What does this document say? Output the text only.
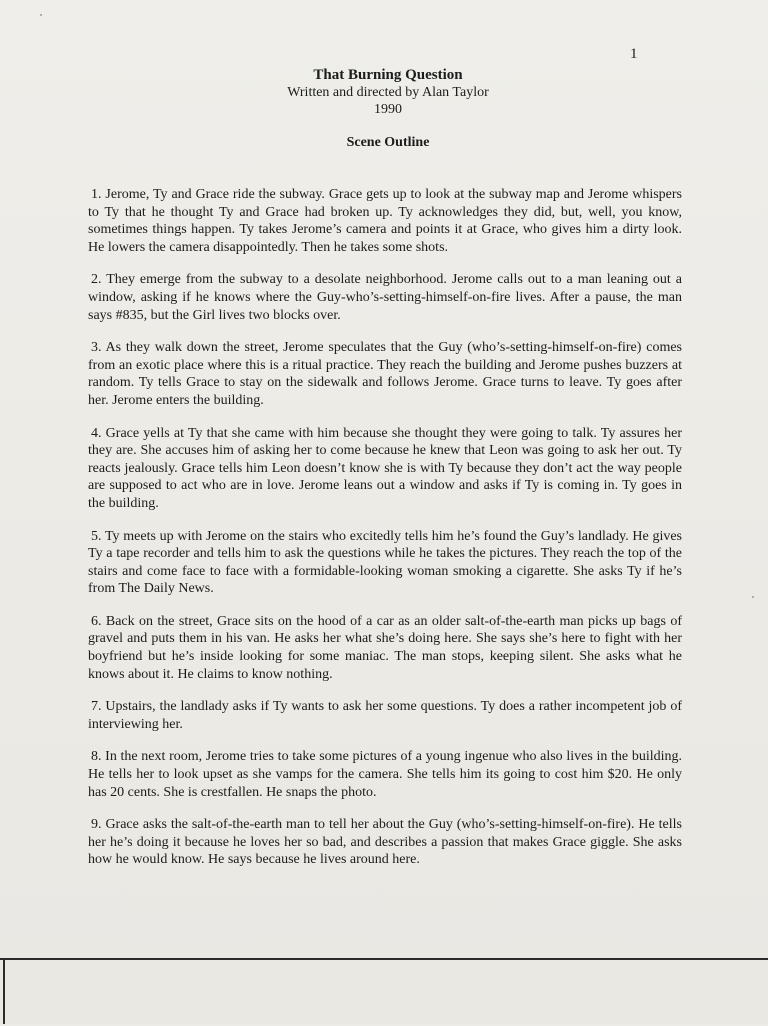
1
That Burning Question
Written and directed by Alan Taylor
1990
Scene Outline

1. Jerome, Ty and Grace ride the subway. Grace gets up to look at the subway map and Jerome whispers to Ty that he thought Ty and Grace had broken up. Ty acknowledges they did, but, well, you know, sometimes things happen. Ty takes Jerome’s camera and points it at Grace, who gives him a dirty look. He lowers the camera disappointedly. Then he takes some shots.

2. They emerge from the subway to a desolate neighborhood. Jerome calls out to a man leaning out a window, asking if he knows where the Guy-who’s-setting-himself-on-fire lives. After a pause, the man says #835, but the Girl lives two blocks over.

3. As they walk down the street, Jerome speculates that the Guy (who’s-setting-himself-on-fire) comes from an exotic place where this is a ritual practice. They reach the building and Jerome pushes buzzers at random. Ty tells Grace to stay on the sidewalk and follows Jerome. Grace turns to leave. Ty goes after her. Jerome enters the building.

4. Grace yells at Ty that she came with him because she thought they were going to talk. Ty assures her they are. She accuses him of asking her to come because he knew that Leon was going to ask her out. Ty reacts jealously. Grace tells him Leon doesn’t know she is with Ty because they don’t act the way people are supposed to act who are in love. Jerome leans out a window and asks if Ty is coming in. Ty goes in the building.

5. Ty meets up with Jerome on the stairs who excitedly tells him he’s found the Guy’s landlady. He gives Ty a tape recorder and tells him to ask the questions while he takes the pictures. They reach the top of the stairs and come face to face with a formidable-looking woman smoking a cigarette. She asks Ty if he’s from The Daily News.

6. Back on the street, Grace sits on the hood of a car as an older salt-of-the-earth man picks up bags of gravel and puts them in his van. He asks her what she’s doing here. She says she’s here to fight with her boyfriend but he’s inside looking for some maniac. The man stops, keeping silent. She asks what he knows about it. He claims to know nothing.

7. Upstairs, the landlady asks if Ty wants to ask her some questions. Ty does a rather incompetent job of interviewing her.

8. In the next room, Jerome tries to take some pictures of a young ingenue who also lives in the building. He tells her to look upset as she vamps for the camera. She tells him its going to cost him $20. He only has 20 cents. She is crestfallen. He snaps the photo.

9. Grace asks the salt-of-the-earth man to tell her about the Guy (who’s-setting-himself-on-fire). He tells her he’s doing it because he loves her so bad, and describes a passion that makes Grace giggle. She asks how he would know. He says because he lives around here.
